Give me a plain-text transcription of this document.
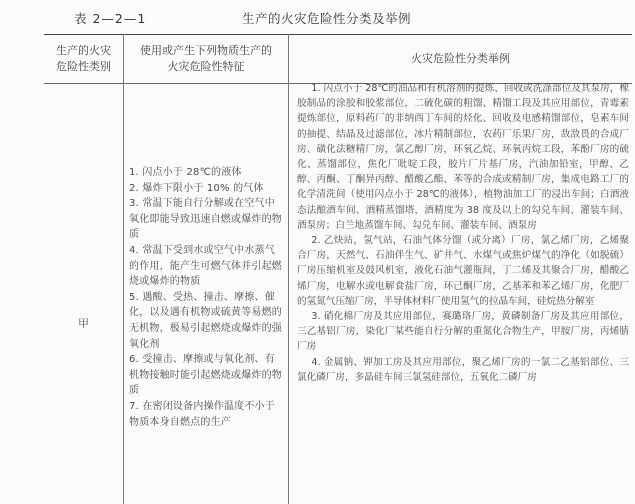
表 2—2—1	生产的火灾危险性分类及举例
生产的火灾
危险性类别
使用或产生下列物质生产的
火灾危险性特征
火灾危险性分类举例
甲

1. 闪点小于 28℃的液体

2. 爆炸下限小于 10% 的气体

3. 常温下能自行分解或在空气中氧化即能导致迅速自燃或爆炸的物质

4. 常温下受到水或空气中水蒸气的作用，能产生可燃气体并引起燃烧或爆炸的物质

5. 遇酸、受热、撞击、摩擦、催化，以及遇有机物或硫黄等易燃的无机物，极易引起燃烧或爆炸的强氧化剂

6. 受撞击、摩擦或与氧化剂、有机物接触时能引起燃烧或爆炸的物质

7. 在密闭设备内操作温度不小于物质本身自燃点的生产

1. 闪点小于 28℃的油品和有机溶剂的提炼、回收或洗涤部位及其泵房，橡胶制品的涂胶和胶浆部位，二硫化碳的粗馏、精馏工段及其应用部位，青霉素提炼部位，原料药厂的非纳西丁车间的烃化、回收及电感精馏部位，皂素车间的抽提、结晶及过滤部位，冰片精制部位，农药厂乐果厂房，敌敌畏的合成厂房、磺化法糖精厂房，氯乙醇厂房，环氧乙烷、环氧丙烷工段，苯酚厂房的硫化、蒸馏部位，焦化厂吡啶工段，胶片厂片基厂房，汽油加铅室，甲醇、乙醇、丙酮、丁酮异丙醇、醋酸乙酯、苯等的合成或精制厂房，集成电路工厂的化学清洗间（使用闪点小于 28℃的液体），植物油加工厂的浸出车间；白酒液态法酿酒车间、酒精蒸馏塔，酒精度为 38 度及以上的勾兑车间、灌装车间、酒泵房；白兰地蒸馏车间、勾兑车间、灌装车间、酒泵房

2. 乙炔站，氢气站，石油气体分馏（或分离）厂房，氯乙烯厂房，乙烯聚合厂房，天然气、石油伴生气、矿井气、水煤气或焦炉煤气的净化（如脱硫）厂房压缩机室及鼓风机室，液化石油气灌瓶间，丁二烯及其聚合厂房，醋酸乙烯厂房，电解水或电解食盐厂房，环己酮厂房，乙基苯和苯乙烯厂房，化肥厂的氢氮气压缩厂房，半导体材料厂使用氢气的拉晶车间，硅烷热分解室

3. 硝化棉厂房及其应用部位，赛璐珞厂房，黄磷制备厂房及其应用部位，三乙基铝厂房，染化厂某些能自行分解的重氮化合物生产，甲胺厂房，丙烯腈厂房

4. 金属钠、钾加工房及其应用部位，聚乙烯厂房的一氯二乙基铝部位、三氯化磷厂房，多晶硅车间三氯氢硅部位，五氧化二磷厂房
